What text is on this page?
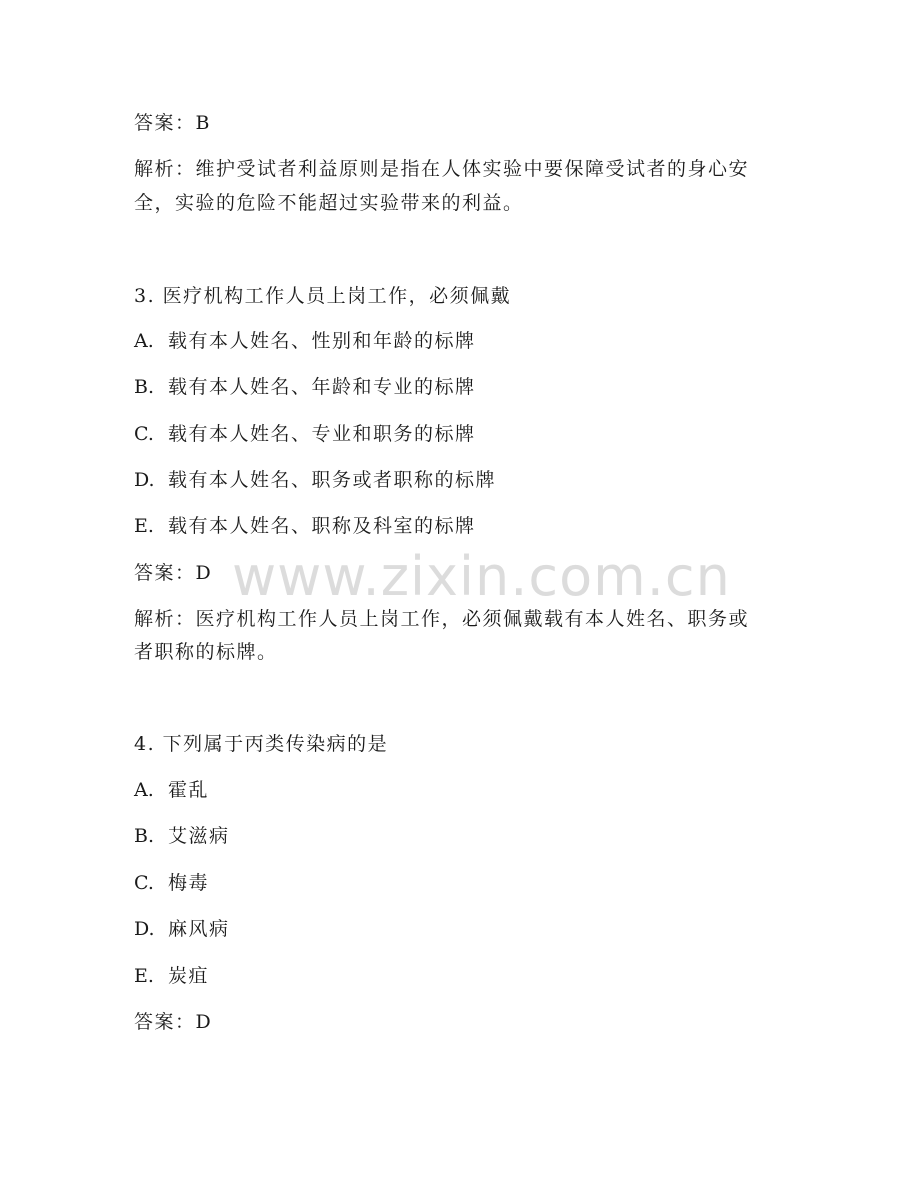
www.zixin.com.cn
答案：B
解析：维护受试者利益原则是指在人体实验中要保障受试者的身心安
全，实验的危险不能超过实验带来的利益。
3. 医疗机构工作人员上岗工作，必须佩戴
A. 载有本人姓名、性别和年龄的标牌
B. 载有本人姓名、年龄和专业的标牌
C. 载有本人姓名、专业和职务的标牌
D. 载有本人姓名、职务或者职称的标牌
E. 载有本人姓名、职称及科室的标牌
答案：D
解析：医疗机构工作人员上岗工作，必须佩戴载有本人姓名、职务或
者职称的标牌。
4. 下列属于丙类传染病的是
A. 霍乱
B. 艾滋病
C. 梅毒
D. 麻风病
E. 炭疽
答案：D
